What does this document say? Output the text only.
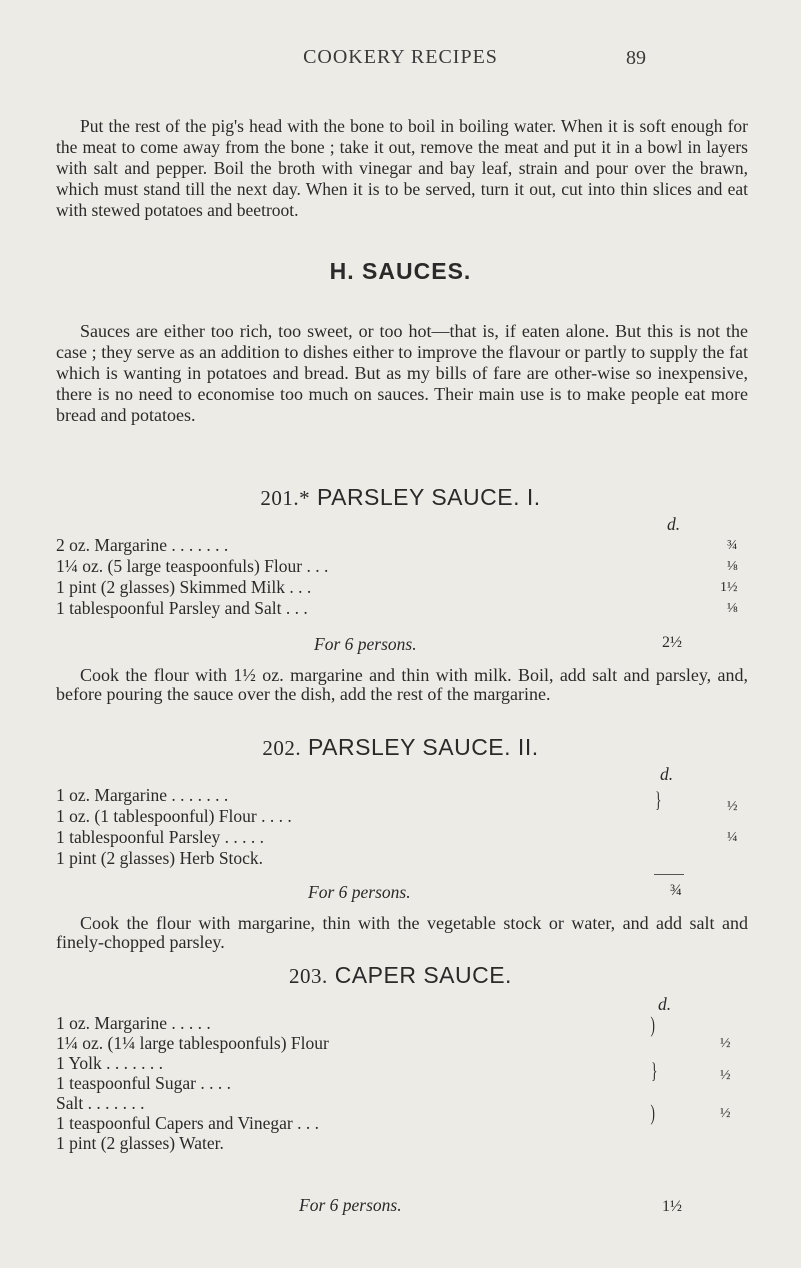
COOKERY RECIPES	89

Put the rest of the pig's head with the bone to boil in boiling water. When it is soft enough for the meat to come away from the bone ; take it out, remove the meat and put it in a bowl in layers with salt and pepper. Boil the broth with vinegar and bay leaf, strain and pour over the brawn, which must stand till the next day. When it is to be served, turn it out, cut into thin slices and eat with stewed potatoes and beetroot.

H. SAUCES.

Sauces are either too rich, too sweet, or too hot—that is, if eaten alone. But this is not the case ; they serve as an addition to dishes either to improve the flavour or partly to supply the fat which is wanting in potatoes and bread. But as my bills of fare are other-wise so inexpensive, there is no need to economise too much on sauces. Their main use is to make people eat more bread and potatoes.

201.* PARSLEY SAUCE. I.
d.
2 oz. Margarine . . . . . . .	¾
1¼ oz. (5 large teaspoonfuls) Flour . . .	⅛
1 pint (2 glasses) Skimmed Milk . . .	1½
1 tablespoonful Parsley and Salt . . .	⅛
For 6 persons.	2½

Cook the flour with 1½ oz. margarine and thin with milk. Boil, add salt and parsley, and, before pouring the sauce over the dish, add the rest of the margarine.

202. PARSLEY SAUCE. II.
d.
1 oz. Margarine . . . . . . .
1 oz. (1 tablespoonful) Flour . . . .	½
1 tablespoonful Parsley . . . . .	¼
1 pint (2 glasses) Herb Stock.
}
For 6 persons.	¾

Cook the flour with margarine, thin with the vegetable stock or water, and add salt and finely-chopped parsley.

203. CAPER SAUCE.
d.
1 oz. Margarine . . . . .
1¼ oz. (1¼ large tablespoonfuls) Flour	½
1 Yolk . . . . . . .
1 teaspoonful Sugar . . . .	½
Salt . . . . . . .
1 teaspoonful Capers and Vinegar . . .	½
1 pint (2 glasses) Water.
)
}
)
For 6 persons.	1½
